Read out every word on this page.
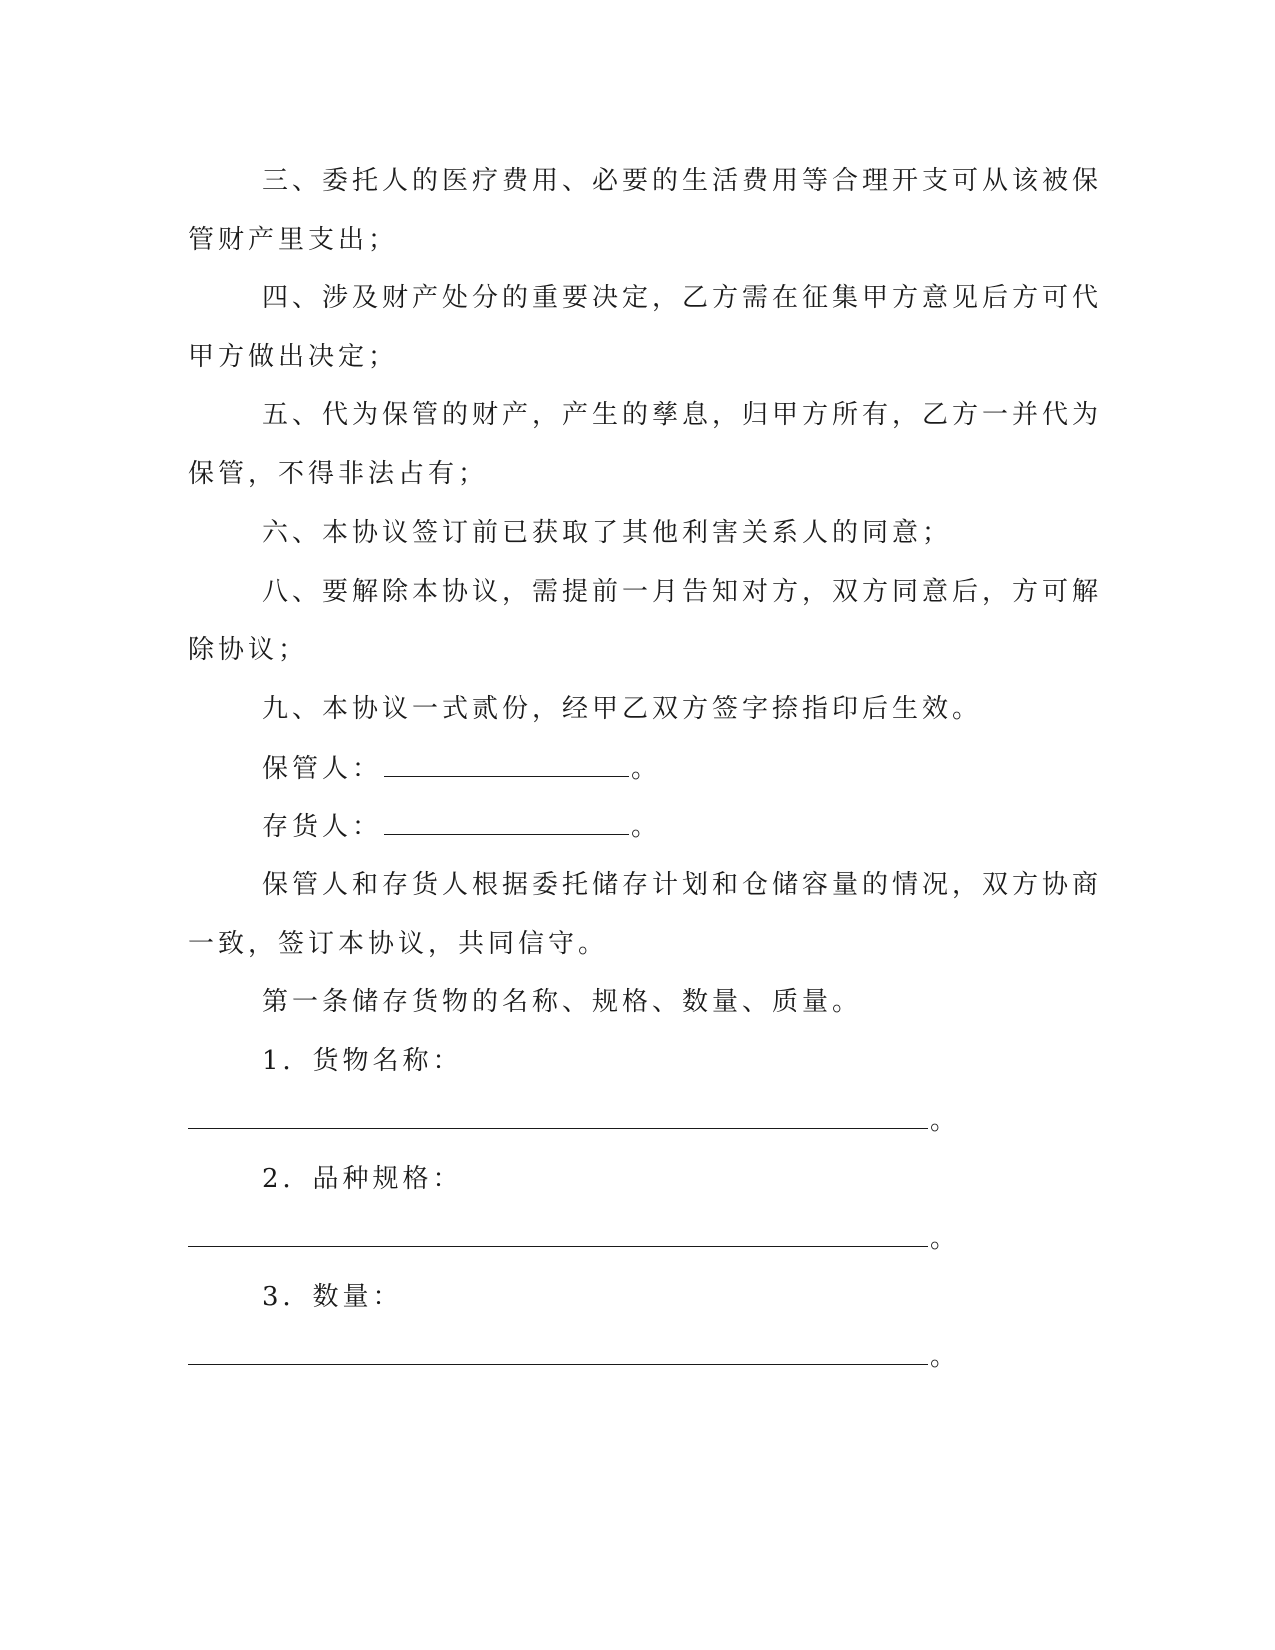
三、委托人的医疗费用、必要的生活费用等合理开支可从该被保

管财产里支出；

四、涉及财产处分的重要决定，乙方需在征集甲方意见后方可代

甲方做出决定；

五、代为保管的财产，产生的孳息，归甲方所有，乙方一并代为

保管，不得非法占有；

六、本协议签订前已获取了其他利害关系人的同意；

八、要解除本协议，需提前一月告知对方，双方同意后，方可解

除协议；

九、本协议一式贰份，经甲乙双方签字捺指印后生效。

保管人：	。

存货人：	。

保管人和存货人根据委托储存计划和仓储容量的情况，双方协商

一致，签订本协议，共同信守。

第一条储存货物的名称、规格、数量、质量。

1．货物名称：

。

2．品种规格：

。

3．数量：

。
